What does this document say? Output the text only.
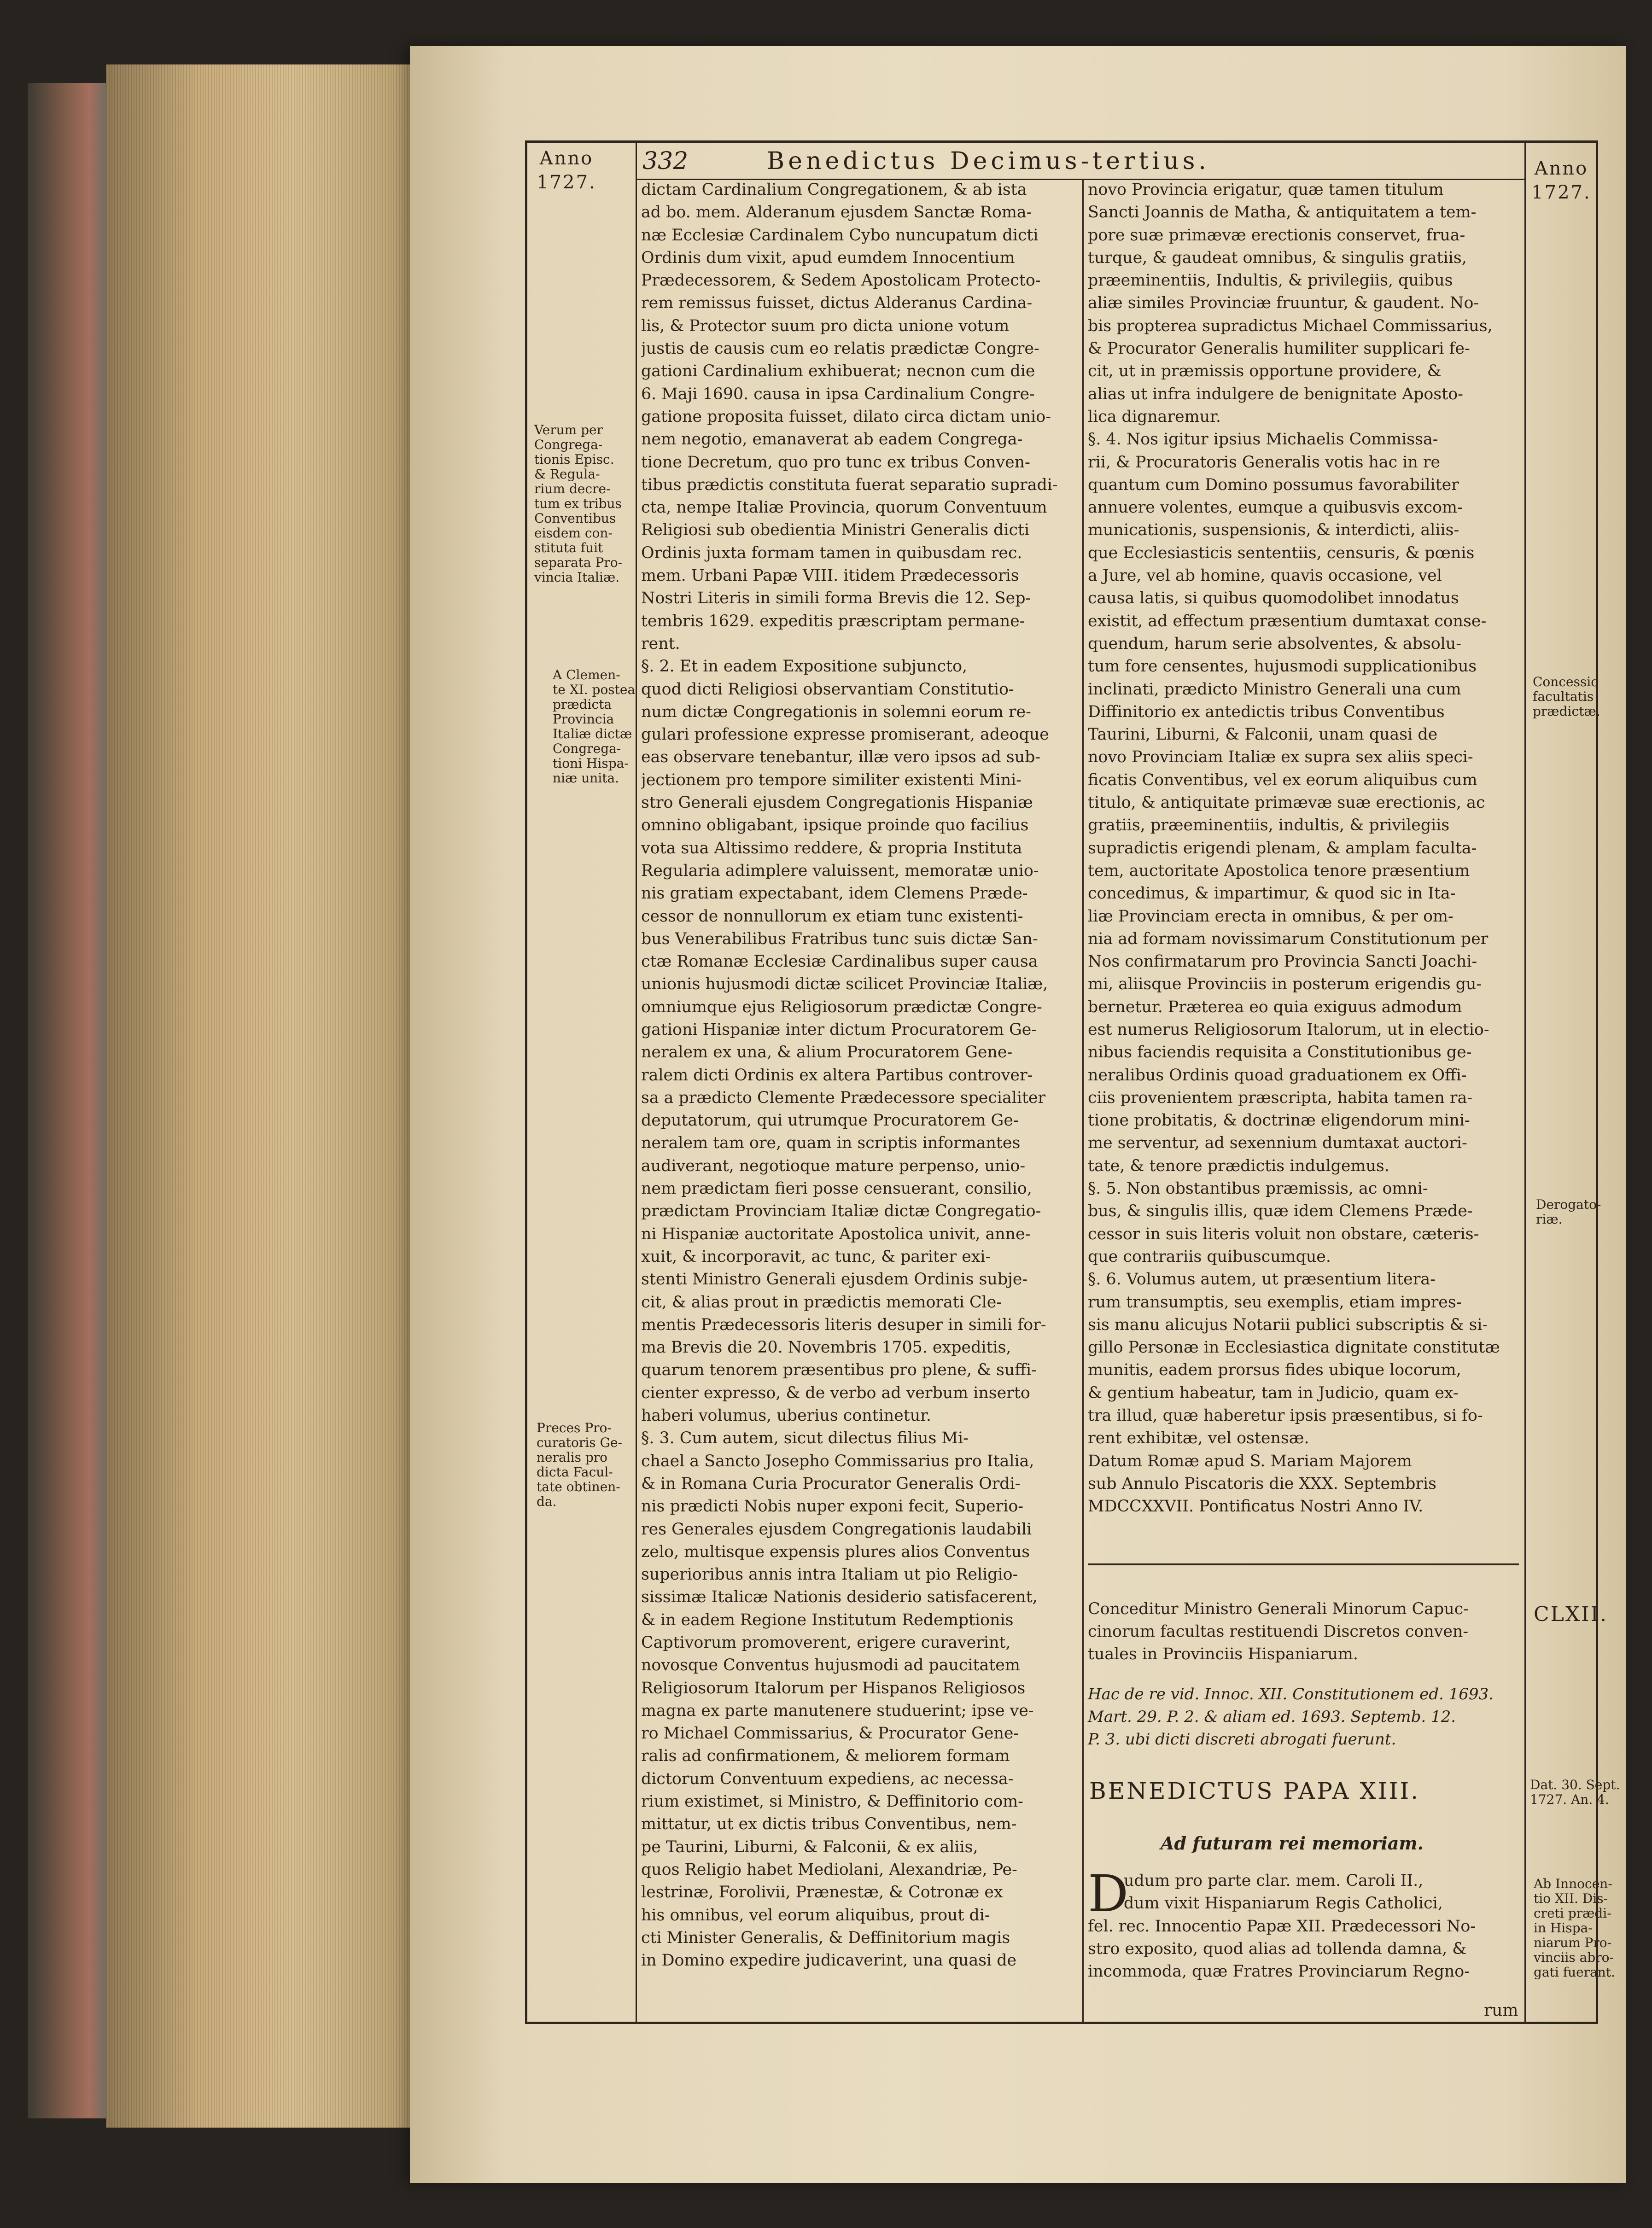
Anno
1727.
332	Benedictus Decimus-tertius.	Anno
1727.
dictam Cardinalium Congregationem, & ab ista
ad bo. mem. Alderanum ejusdem Sanctæ Roma-
næ Ecclesiæ Cardinalem Cybo nuncupatum dicti
Ordinis dum vixit, apud eumdem Innocentium
Prædecessorem, & Sedem Apostolicam Protecto-
rem remissus fuisset, dictus Alderanus Cardina-
lis, & Protector suum pro dicta unione votum
justis de causis cum eo relatis prædictæ Congre-
gationi Cardinalium exhibuerat; necnon cum die
6. Maji 1690. causa in ipsa Cardinalium Congre-
gatione proposita fuisset, dilato circa dictam unio-
nem negotio, emanaverat ab eadem Congrega-
tione Decretum, quo pro tunc ex tribus Conven-
tibus prædictis constituta fuerat separatio supradi-
cta, nempe Italiæ Provincia, quorum Conventuum
Religiosi sub obedientia Ministri Generalis dicti
Ordinis juxta formam tamen in quibusdam rec.
mem. Urbani Papæ VIII. itidem Prædecessoris
Nostri Literis in simili forma Brevis die 12. Sep-
tembris 1629. expeditis præscriptam permane-
rent.
§. 2. Et in eadem Expositione subjuncto,
quod dicti Religiosi observantiam Constitutio-
num dictæ Congregationis in solemni eorum re-
gulari professione expresse promiserant, adeoque
eas observare tenebantur, illæ vero ipsos ad sub-
jectionem pro tempore similiter existenti Mini-
stro Generali ejusdem Congregationis Hispaniæ
omnino obligabant, ipsique proinde quo facilius
vota sua Altissimo reddere, & propria Instituta
Regularia adimplere valuissent, memoratæ unio-
nis gratiam expectabant, idem Clemens Præde-
cessor de nonnullorum ex etiam tunc existenti-
bus Venerabilibus Fratribus tunc suis dictæ San-
ctæ Romanæ Ecclesiæ Cardinalibus super causa
unionis hujusmodi dictæ scilicet Provinciæ Italiæ,
omniumque ejus Religiosorum prædictæ Congre-
gationi Hispaniæ inter dictum Procuratorem Ge-
neralem ex una, & alium Procuratorem Gene-
ralem dicti Ordinis ex altera Partibus controver-
sa a prædicto Clemente Prædecessore specialiter
deputatorum, qui utrumque Procuratorem Ge-
neralem tam ore, quam in scriptis informantes
audiverant, negotioque mature perpenso, unio-
nem prædictam fieri posse censuerant, consilio,
prædictam Provinciam Italiæ dictæ Congregatio-
ni Hispaniæ auctoritate Apostolica univit, anne-
xuit, & incorporavit, ac tunc, & pariter exi-
stenti Ministro Generali ejusdem Ordinis subje-
cit, & alias prout in prædictis memorati Cle-
mentis Prædecessoris literis desuper in simili for-
ma Brevis die 20. Novembris 1705. expeditis,
quarum tenorem præsentibus pro plene, & suffi-
cienter expresso, & de verbo ad verbum inserto
haberi volumus, uberius continetur.
§. 3. Cum autem, sicut dilectus filius Mi-
chael a Sancto Josepho Commissarius pro Italia,
& in Romana Curia Procurator Generalis Ordi-
nis prædicti Nobis nuper exponi fecit, Superio-
res Generales ejusdem Congregationis laudabili
zelo, multisque expensis plures alios Conventus
superioribus annis intra Italiam ut pio Religio-
sissimæ Italicæ Nationis desiderio satisfacerent,
& in eadem Regione Institutum Redemptionis
Captivorum promoverent, erigere curaverint,
novosque Conventus hujusmodi ad paucitatem
Religiosorum Italorum per Hispanos Religiosos
magna ex parte manutenere studuerint; ipse ve-
ro Michael Commissarius, & Procurator Gene-
ralis ad confirmationem, & meliorem formam
dictorum Conventuum expediens, ac necessa-
rium existimet, si Ministro, & Deffinitorio com-
mittatur, ut ex dictis tribus Conventibus, nem-
pe Taurini, Liburni, & Falconii, & ex aliis,
quos Religio habet Mediolani, Alexandriæ, Pe-
lestrinæ, Forolivii, Prænestæ, & Cotronæ ex
his omnibus, vel eorum aliquibus, prout di-
cti Minister Generalis, & Deffinitorium magis
in Domino expedire judicaverint, una quasi de
novo Provincia erigatur, quæ tamen titulum
Sancti Joannis de Matha, & antiquitatem a tem-
pore suæ primævæ erectionis conservet, frua-
turque, & gaudeat omnibus, & singulis gratiis,
præeminentiis, Indultis, & privilegiis, quibus
aliæ similes Provinciæ fruuntur, & gaudent. No-
bis propterea supradictus Michael Commissarius,
& Procurator Generalis humiliter supplicari fe-
cit, ut in præmissis opportune providere, &
alias ut infra indulgere de benignitate Aposto-
lica dignaremur.
§. 4. Nos igitur ipsius Michaelis Commissa-
rii, & Procuratoris Generalis votis hac in re
quantum cum Domino possumus favorabiliter
annuere volentes, eumque a quibusvis excom-
municationis, suspensionis, & interdicti, aliis-
que Ecclesiasticis sententiis, censuris, & pœnis
a Jure, vel ab homine, quavis occasione, vel
causa latis, si quibus quomodolibet innodatus
existit, ad effectum præsentium dumtaxat conse-
quendum, harum serie absolventes, & absolu-
tum fore censentes, hujusmodi supplicationibus
inclinati, prædicto Ministro Generali una cum
Diffinitorio ex antedictis tribus Conventibus
Taurini, Liburni, & Falconii, unam quasi de
novo Provinciam Italiæ ex supra sex aliis speci-
ficatis Conventibus, vel ex eorum aliquibus cum
titulo, & antiquitate primævæ suæ erectionis, ac
gratiis, præeminentiis, indultis, & privilegiis
supradictis erigendi plenam, & amplam faculta-
tem, auctoritate Apostolica tenore præsentium
concedimus, & impartimur, & quod sic in Ita-
liæ Provinciam erecta in omnibus, & per om-
nia ad formam novissimarum Constitutionum per
Nos confirmatarum pro Provincia Sancti Joachi-
mi, aliisque Provinciis in posterum erigendis gu-
bernetur. Præterea eo quia exiguus admodum
est numerus Religiosorum Italorum, ut in electio-
nibus faciendis requisita a Constitutionibus ge-
neralibus Ordinis quoad graduationem ex Offi-
ciis provenientem præscripta, habita tamen ra-
tione probitatis, & doctrinæ eligendorum mini-
me serventur, ad sexennium dumtaxat auctori-
tate, & tenore prædictis indulgemus.
§. 5. Non obstantibus præmissis, ac omni-
bus, & singulis illis, quæ idem Clemens Præde-
cessor in suis literis voluit non obstare, cæteris-
que contrariis quibuscumque.
§. 6. Volumus autem, ut præsentium litera-
rum transumptis, seu exemplis, etiam impres-
sis manu alicujus Notarii publici subscriptis & si-
gillo Personæ in Ecclesiastica dignitate constitutæ
munitis, eadem prorsus fides ubique locorum,
& gentium habeatur, tam in Judicio, quam ex-
tra illud, quæ haberetur ipsis præsentibus, si fo-
rent exhibitæ, vel ostensæ.
Datum Romæ apud S. Mariam Majorem
sub Annulo Piscatoris die XXX. Septembris
MDCCXXVII. Pontificatus Nostri Anno IV.
Conceditur Ministro Generali Minorum Capuc-
cinorum facultas restituendi Discretos conven-
tuales in Provinciis Hispaniarum.
Hac de re vid. Innoc. XII. Constitutionem ed. 1693.
Mart. 29. P. 2. & aliam ed. 1693. Septemb. 12.
P. 3. ubi dicti discreti abrogati fuerunt.
BENEDICTUS PAPA XIII.
Ad futuram rei memoriam.
D
udum pro parte clar. mem. Caroli II.,
dum vixit Hispaniarum Regis Catholici,
fel. rec. Innocentio Papæ XII. Prædecessori No-
stro exposito, quod alias ad tollenda damna, &
incommoda, quæ Fratres Provinciarum Regno-
rum
Verum per
Congrega-
tionis Episc.
& Regula-
rium decre-
tum ex tribus
Conventibus
eisdem con-
stituta fuit
separata Pro-
vincia Italiæ.
A Clemen-
te XI. postea
prædicta
Provincia
Italiæ dictæ
Congrega-
tioni Hispa-
niæ unita.
Preces Pro-
curatoris Ge-
neralis pro
dicta Facul-
tate obtinen-
da.
Concessio
facultatis
prædictæ.
Derogato-
riæ.
CLXII.
Dat. 30. Sept.
1727. An. 4.
Ab Innocen-
tio XII. Dis-
creti prædi-
in Hispa-
niarum Pro-
vinciis abro-
gati fuerant.
